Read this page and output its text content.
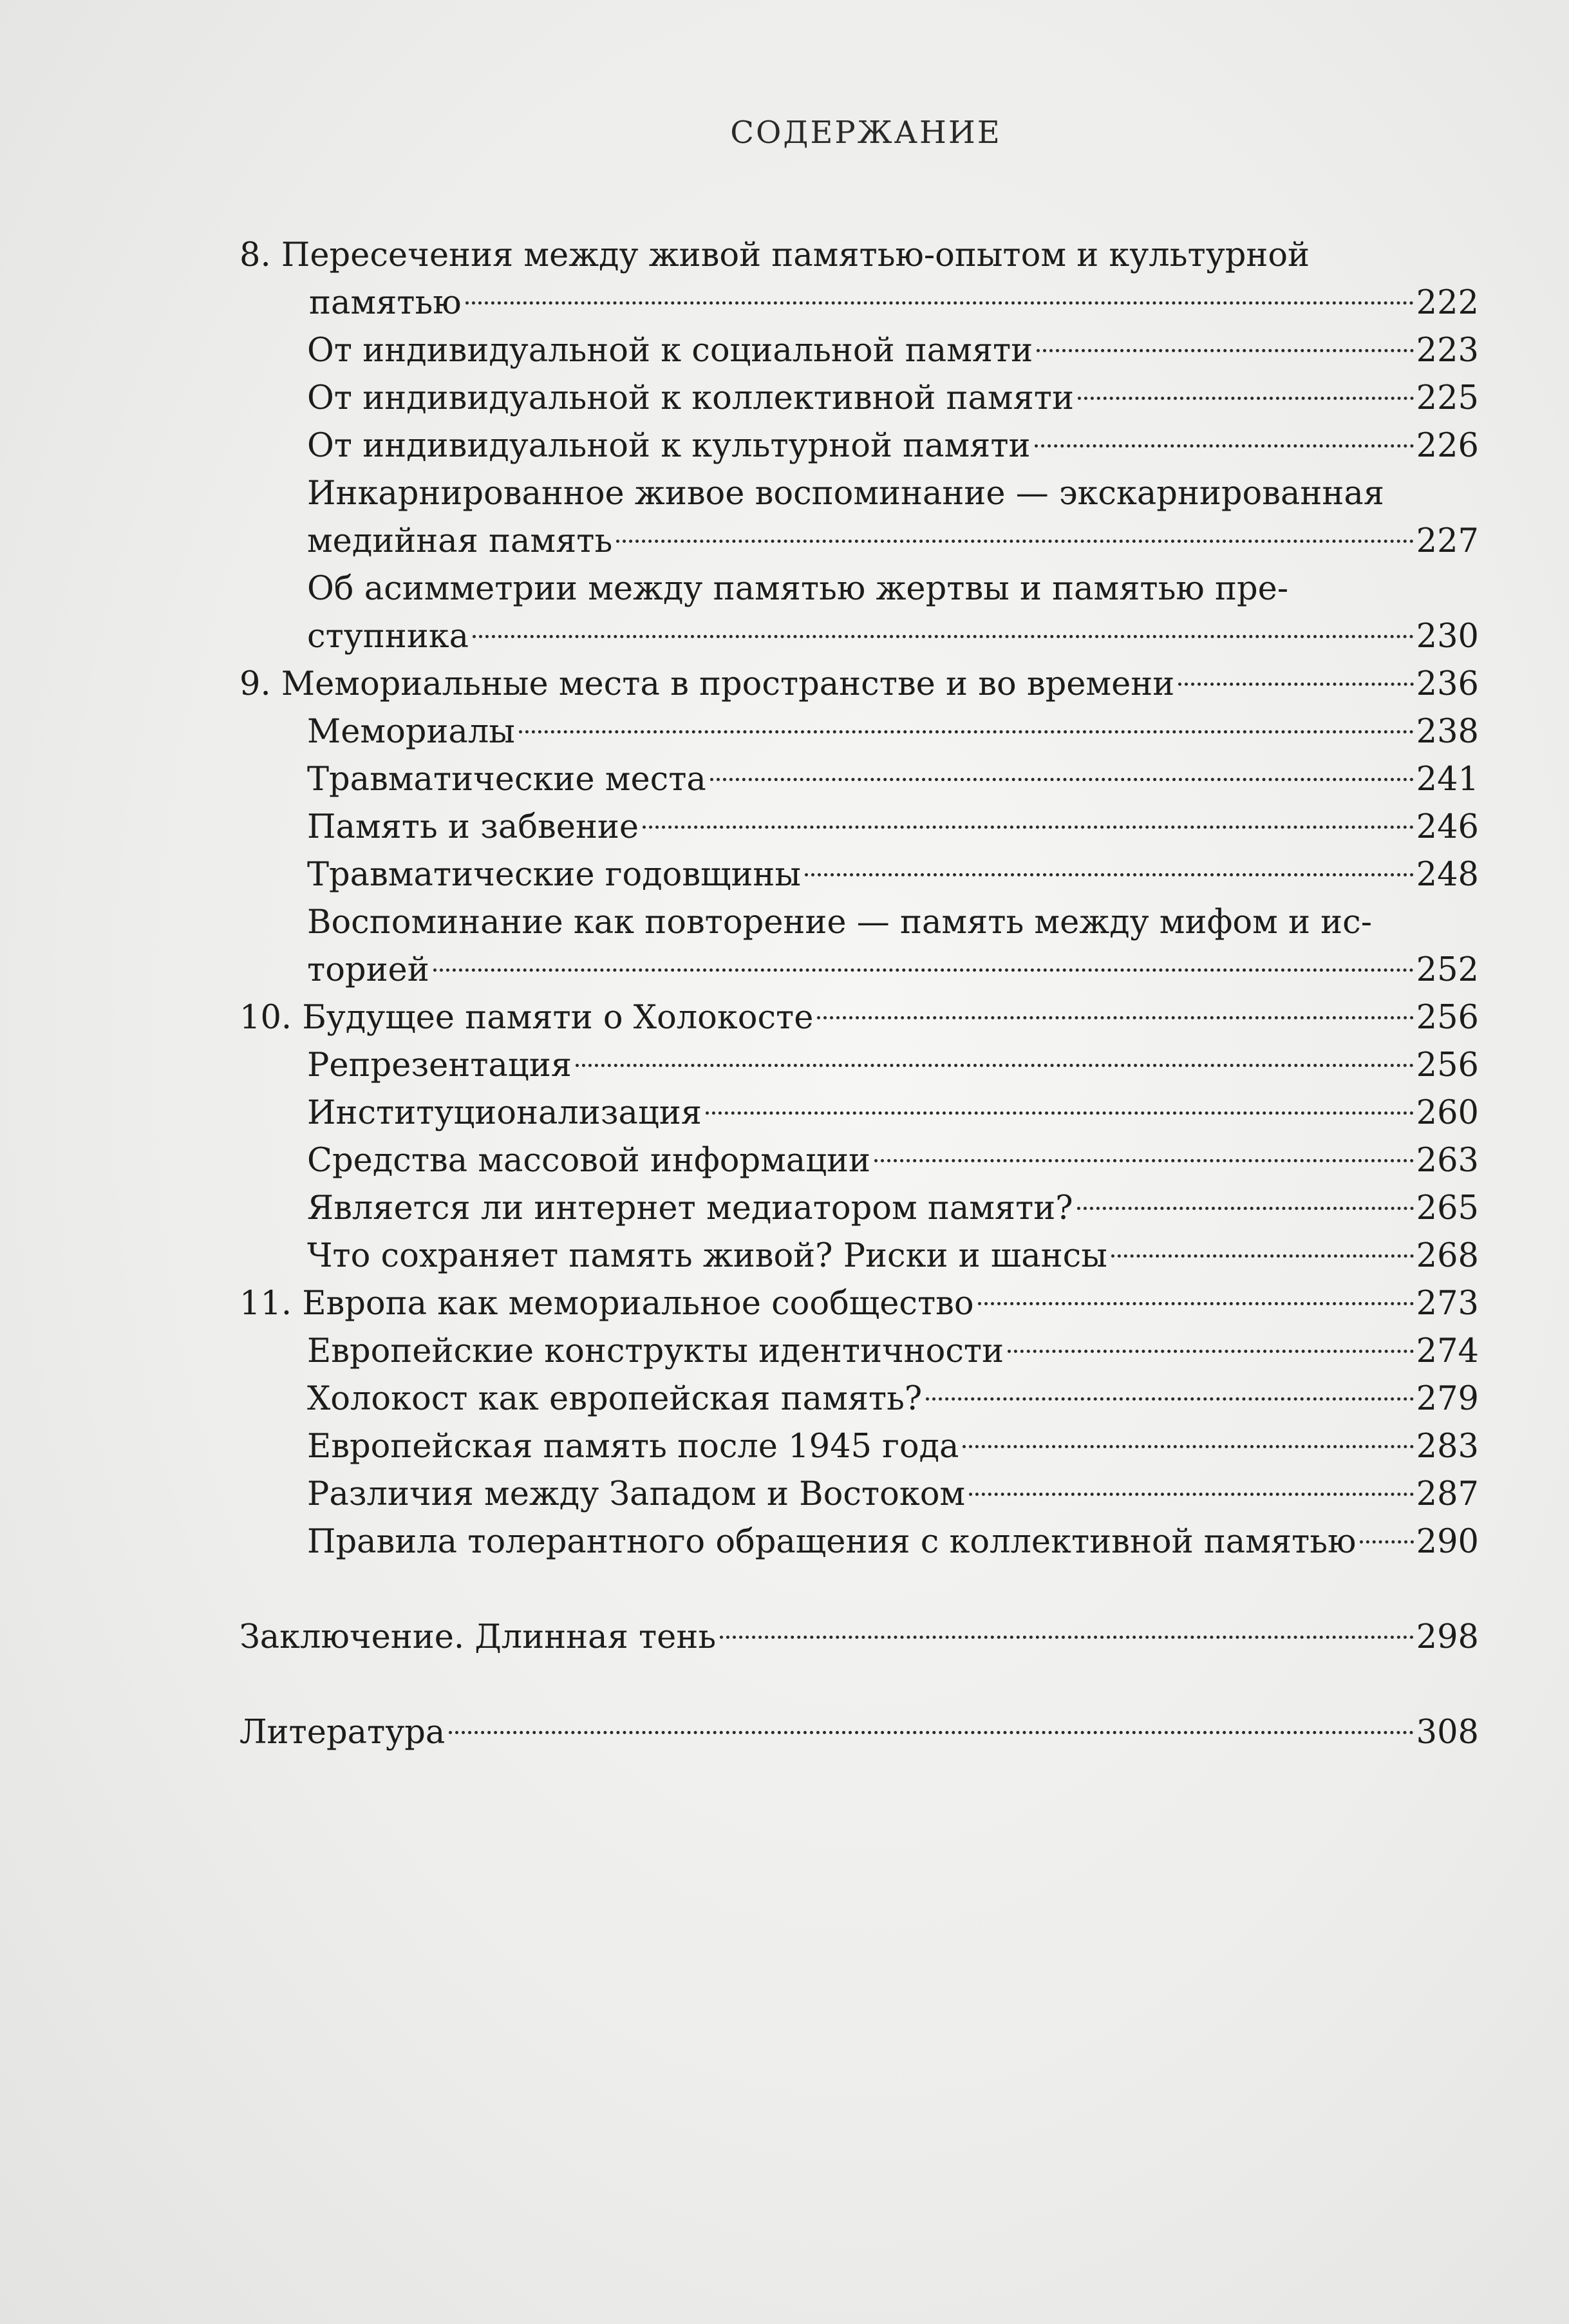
СОДЕРЖАНИЕ
8. Пересечения между живой памятью-опытом и культурной
памятью	222
От индивидуальной к социальной памяти	223
От индивидуальной к коллективной памяти	225
От индивидуальной к культурной памяти	226
Инкарнированное живое воспоминание — экскарнированная
медийная память	227
Об асимметрии между памятью жертвы и памятью пре-
ступника	230
9. Мемориальные места в пространстве и во времени	236
Мемориалы	238
Травматические места	241
Память и забвение	246
Травматические годовщины	248
Воспоминание как повторение — память между мифом и ис-
торией	252
10. Будущее памяти о Холокосте	256
Репрезентация	256
Институционализация	260
Средства массовой информации	263
Является ли интернет медиатором памяти?	265
Что сохраняет память живой? Риски и шансы	268
11. Европа как мемориальное сообщество	273
Европейские конструкты идентичности	274
Холокост как европейская память?	279
Европейская память после 1945 года	283
Различия между Западом и Востоком	287
Правила толерантного обращения с коллективной памятью 290
Заключение. Длинная тень	298
Литература	308
